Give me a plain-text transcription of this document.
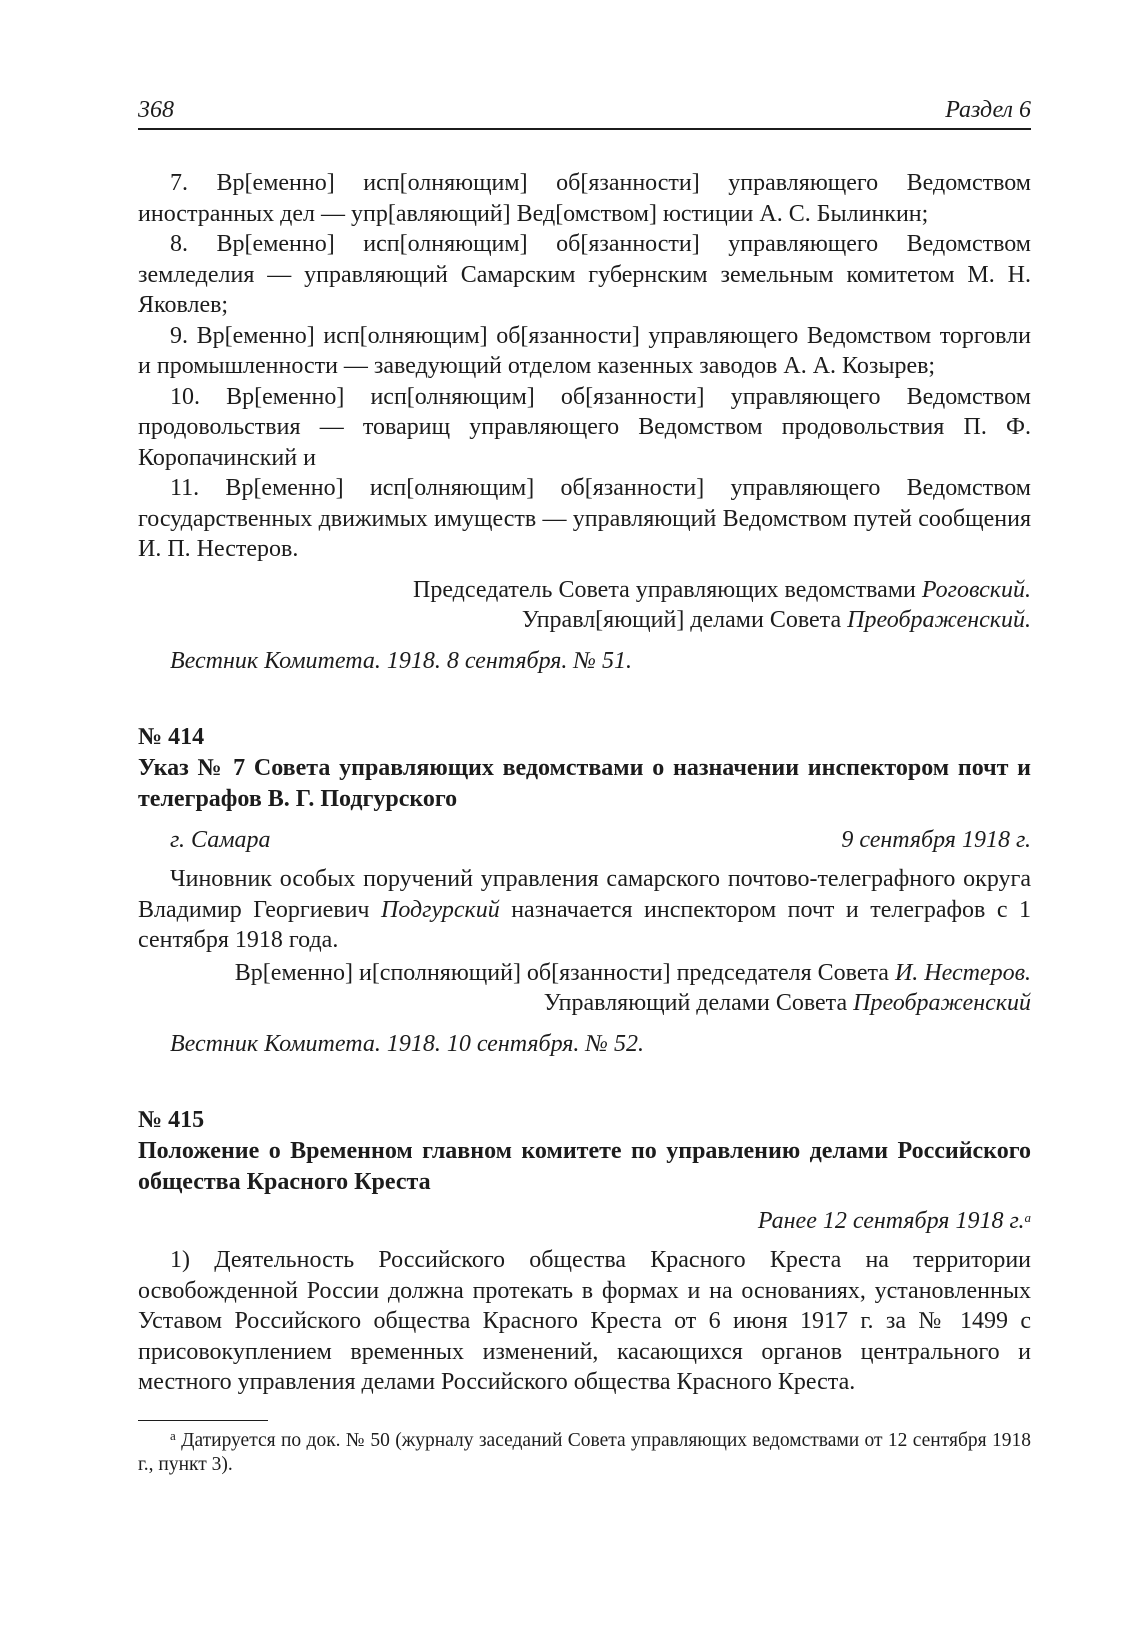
368	Раздел 6

7. Вр[еменно] исп[олняющим] об[язанности] управляющего Ведомством иностранных дел — упр[авляющий] Вед[омством] юстиции А. С. Былинкин;

8. Вр[еменно] исп[олняющим] об[язанности] управляющего Ведомством земледелия — управляющий Самарским губернским земельным комитетом М. Н. Яковлев;

9. Вр[еменно] исп[олняющим] об[язанности] управляющего Ведомством торговли и промышленности — заведующий отделом казенных заводов А. А. Козырев;

10. Вр[еменно] исп[олняющим] об[язанности] управляющего Ведомством продовольствия — товарищ управляющего Ведомством продовольствия П. Ф. Коропачинский и

11. Вр[еменно] исп[олняющим] об[язанности] управляющего Ведомством государственных движимых имуществ — управляющий Ведомством путей сообщения И. П. Нестеров.

Председатель Совета управляющих ведомствами Роговский.
Управл[яющий] делами Совета Преображенский.
Вестник Комитета. 1918. 8 сентября. № 51.
№ 414
Указ № 7 Совета управляющих ведомствами о назначении инспектором почт и телеграфов В. Г. Подгурского
г. Самара	9 сентября 1918 г.

Чиновник особых поручений управления самарского почтово-телеграфного округа Владимир Георгиевич Подгурский назначается инспектором почт и телеграфов с 1 сентября 1918 года.

Вр[еменно] и[сполняющий] об[язанности] председателя Совета И. Нестеров.
Управляющий делами Совета Преображенский
Вестник Комитета. 1918. 10 сентября. № 52.
№ 415
Положение о Временном главном комитете по управлению делами Российского общества Красного Креста
Ранее 12 сентября 1918 г.$^а$

1) Деятельность Российского общества Красного Креста на территории освобожденной России должна протекать в формах и на основаниях, установленных Уставом Российского общества Красного Креста от 6 июня 1917 г. за № 1499 с присовокуплением временных изменений, касающихся органов центрального и местного управления делами Российского общества Красного Креста.

$^а$ Датируется по док. № 50 (журналу заседаний Совета управляющих ведомствами от 12 сентября 1918 г., пункт 3).
